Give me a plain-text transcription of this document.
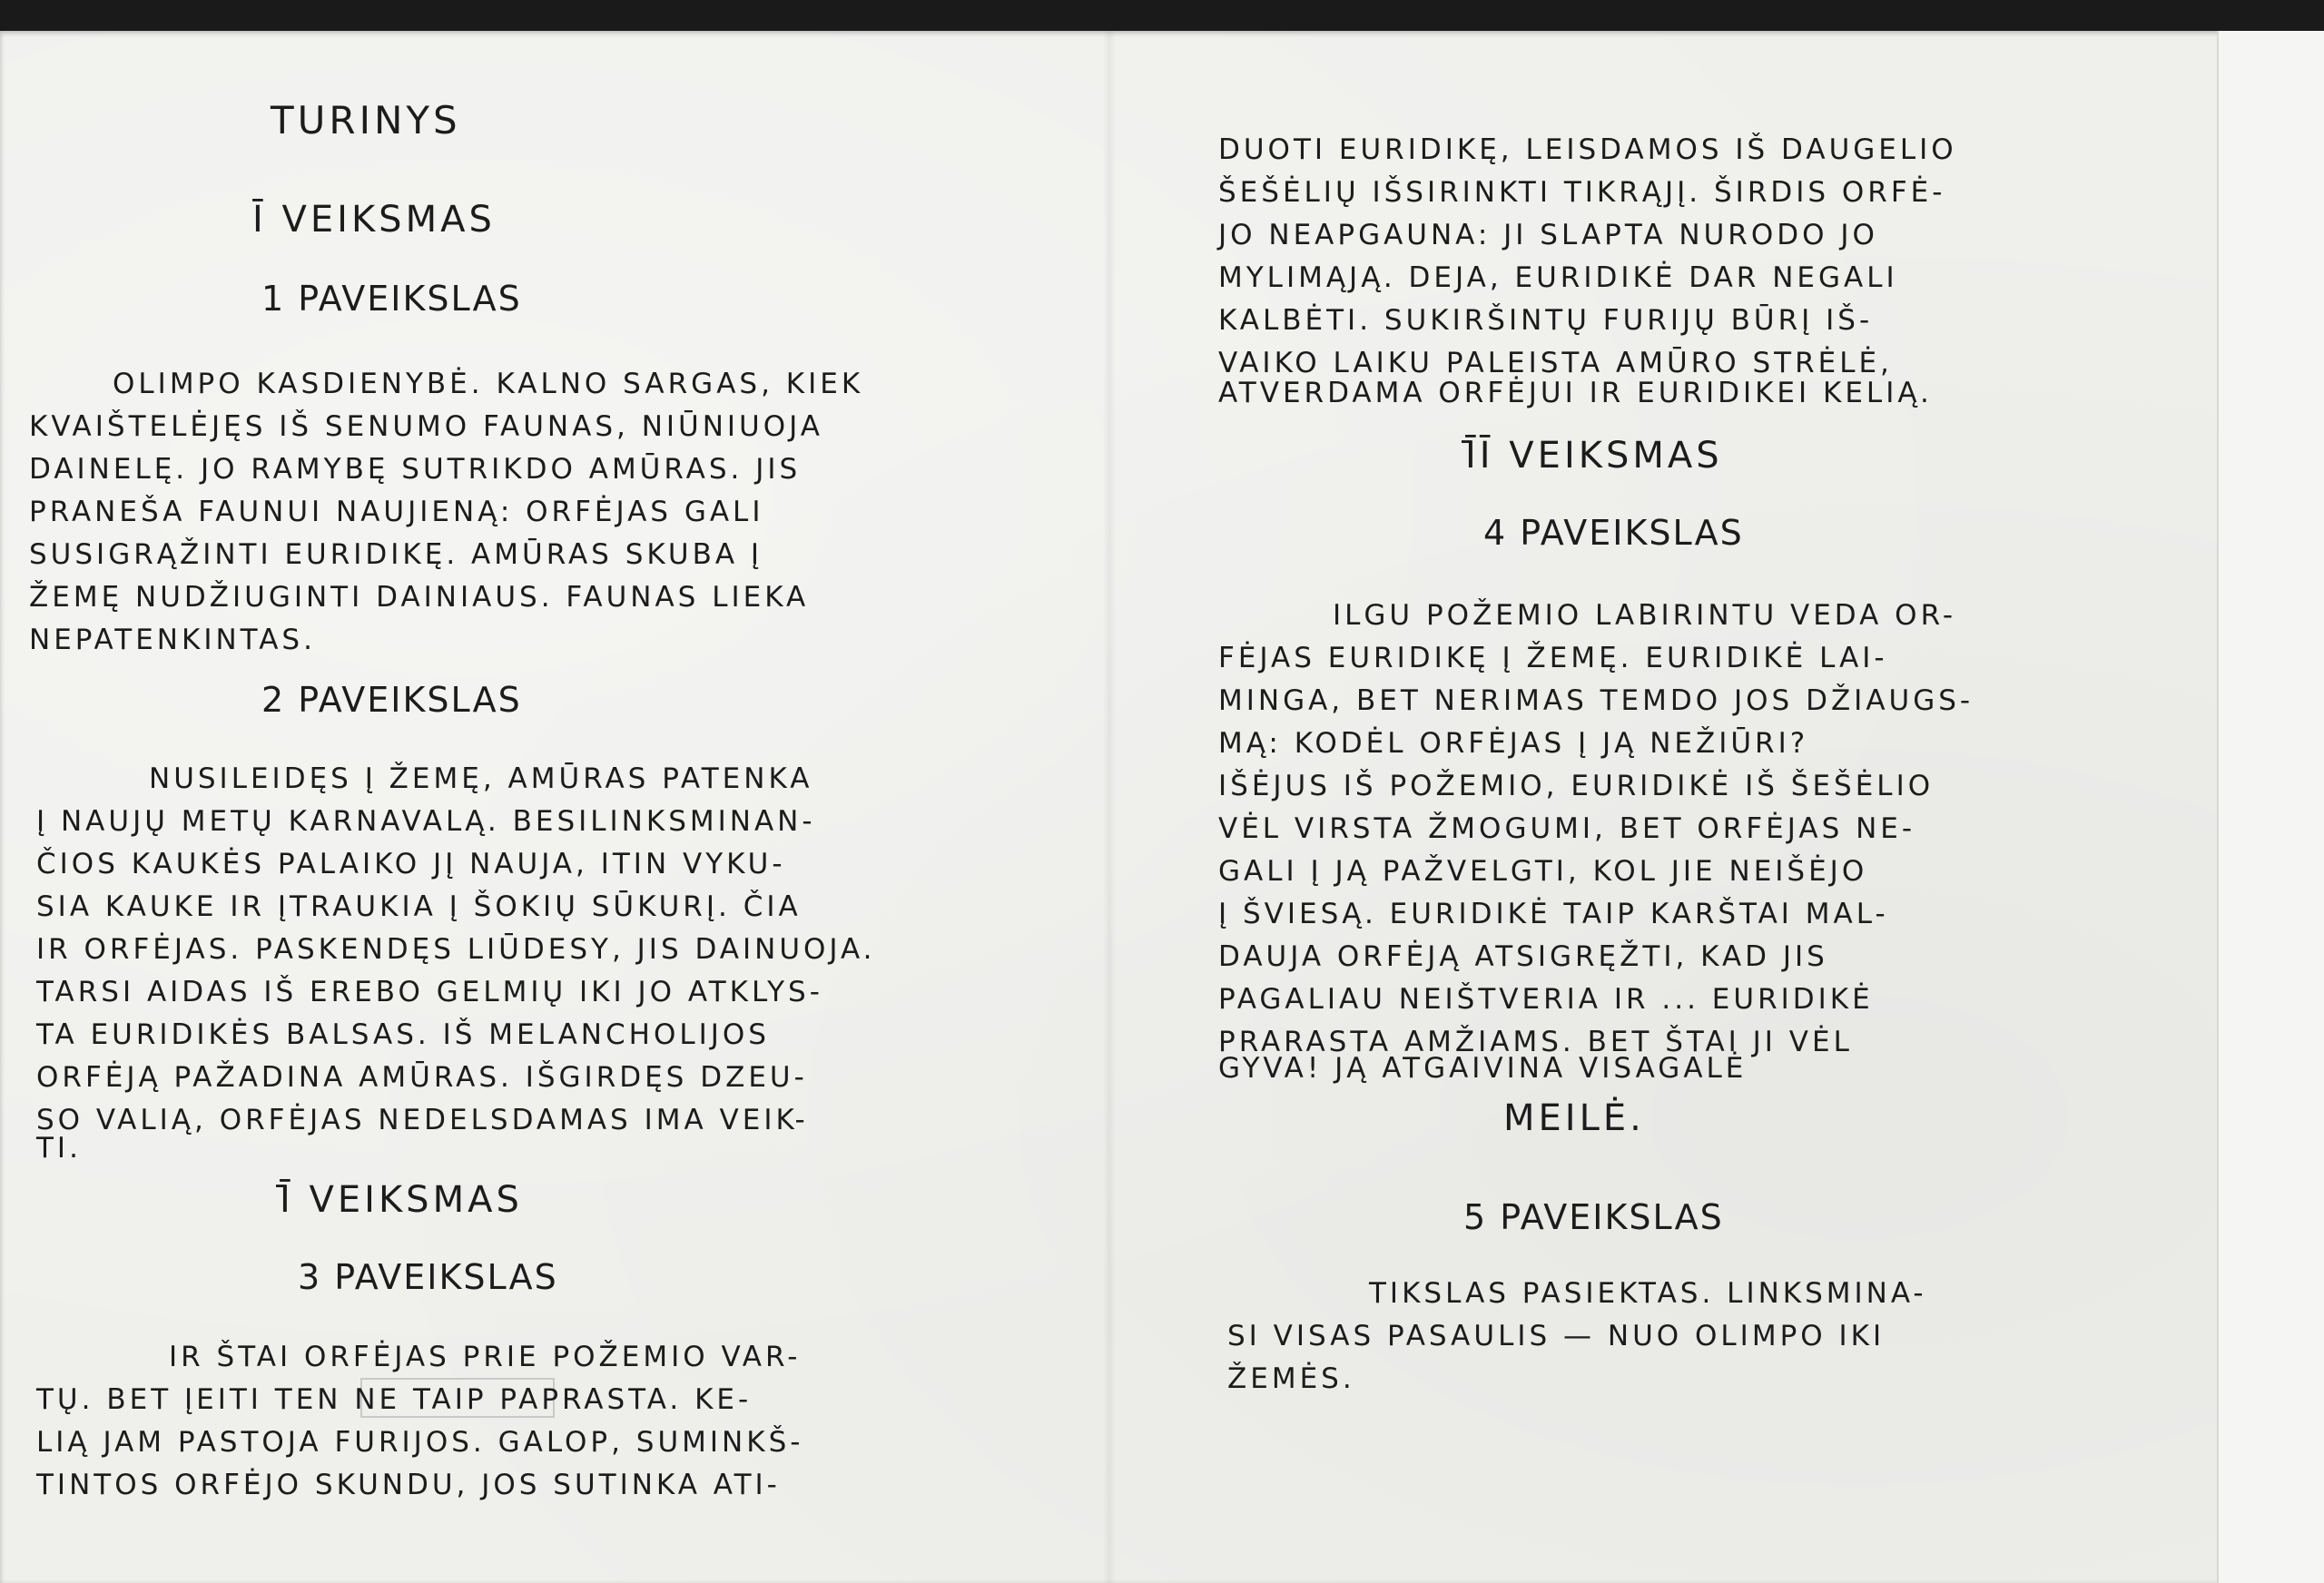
TURINYS
Ī VEIKSMAS
1 PAVEIKSLAS
OLIMPO KASDIENYBĖ. KALNO SARGAS, KIEK
KVAIŠTELĖJĘS IŠ SENUMO FAUNAS, NIŪNIUOJA
DAINELĘ. JO RAMYBĘ SUTRIKDO AMŪRAS. JIS
PRANEŠA FAUNUI NAUJIENĄ: ORFĖJAS GALI
SUSIGRĄŽINTI EURIDIKĘ. AMŪRAS SKUBA Į
ŽEMĘ NUDŽIUGINTI DAINIAUS. FAUNAS LIEKA
NEPATENKINTAS.
2 PAVEIKSLAS
NUSILEIDĘS Į ŽEMĘ, AMŪRAS PATENKA
Į NAUJŲ METŲ KARNAVALĄ. BESILINKSMINAN-
ČIOS KAUKĖS PALAIKO JĮ NAUJA, ITIN VYKU-
SIA KAUKE IR ĮTRAUKIA Į ŠOKIŲ SŪKURĮ. ČIA
IR ORFĖJAS. PASKENDĘS LIŪDESY, JIS DAINUOJA.
TARSI AIDAS IŠ EREBO GELMIŲ IKI JO ATKLYS-
TA EURIDIKĖS BALSAS. IŠ MELANCHOLIJOS
ORFĖJĄ PAŽADINA AMŪRAS. IŠGIRDĘS DZEU-
SO VALIĄ, ORFĖJAS NEDELSDAMAS IMA VEIK-
TI.
Ī̄ VEIKSMAS
3 PAVEIKSLAS
IR ŠTAI ORFĖJAS PRIE POŽEMIO VAR-
TŲ. BET ĮEITI TEN NE TAIP PAPRASTA. KE-
LIĄ JAM PASTOJA FURIJOS. GALOP, SUMINKŠ-
TINTOS ORFĖJO SKUNDU, JOS SUTINKA ATI-
DUOTI EURIDIKĘ, LEISDAMOS IŠ DAUGELIO
ŠEŠĖLIŲ IŠSIRINKTI TIKRĄJĮ. ŠIRDIS ORFĖ-
JO NEAPGAUNA: JI SLAPTA NURODO JO
MYLIMĄJĄ. DEJA, EURIDIKĖ DAR NEGALI
KALBĖTI. SUKIRŠINTŲ FURIJŲ BŪRĮ IŠ-
VAIKO LAIKU PALEISTA AMŪRO STRĖLĖ,
ATVERDAMA ORFĖJUI IR EURIDIKEI KELIĄ.
Ī̄Ī VEIKSMAS
4 PAVEIKSLAS
ILGU POŽEMIO LABIRINTU VEDA OR-
FĖJAS EURIDIKĘ Į ŽEMĘ. EURIDIKĖ LAI-
MINGA, BET NERIMAS TEMDO JOS DŽIAUGS-
MĄ: KODĖL ORFĖJAS Į JĄ NEŽIŪRI?
IŠĖJUS IŠ POŽEMIO, EURIDIKĖ IŠ ŠEŠĖLIO
VĖL VIRSTA ŽMOGUMI, BET ORFĖJAS NE-
GALI Į JĄ PAŽVELGTI, KOL JIE NEIŠĖJO
Į ŠVIESĄ. EURIDIKĖ TAIP KARŠTAI MAL-
DAUJA ORFĖJĄ ATSIGRĘŽTI, KAD JIS
PAGALIAU NEIŠTVERIA IR ... EURIDIKĖ
PRARASTA AMŽIAMS. BET ŠTAI JI VĖL
GYVA! JĄ ATGAIVINA VISAGALĖ
MEILĖ.
5 PAVEIKSLAS
TIKSLAS PASIEKTAS. LINKSMINA-
SI VISAS PASAULIS — NUO OLIMPO IKI
ŽEMĖS.
